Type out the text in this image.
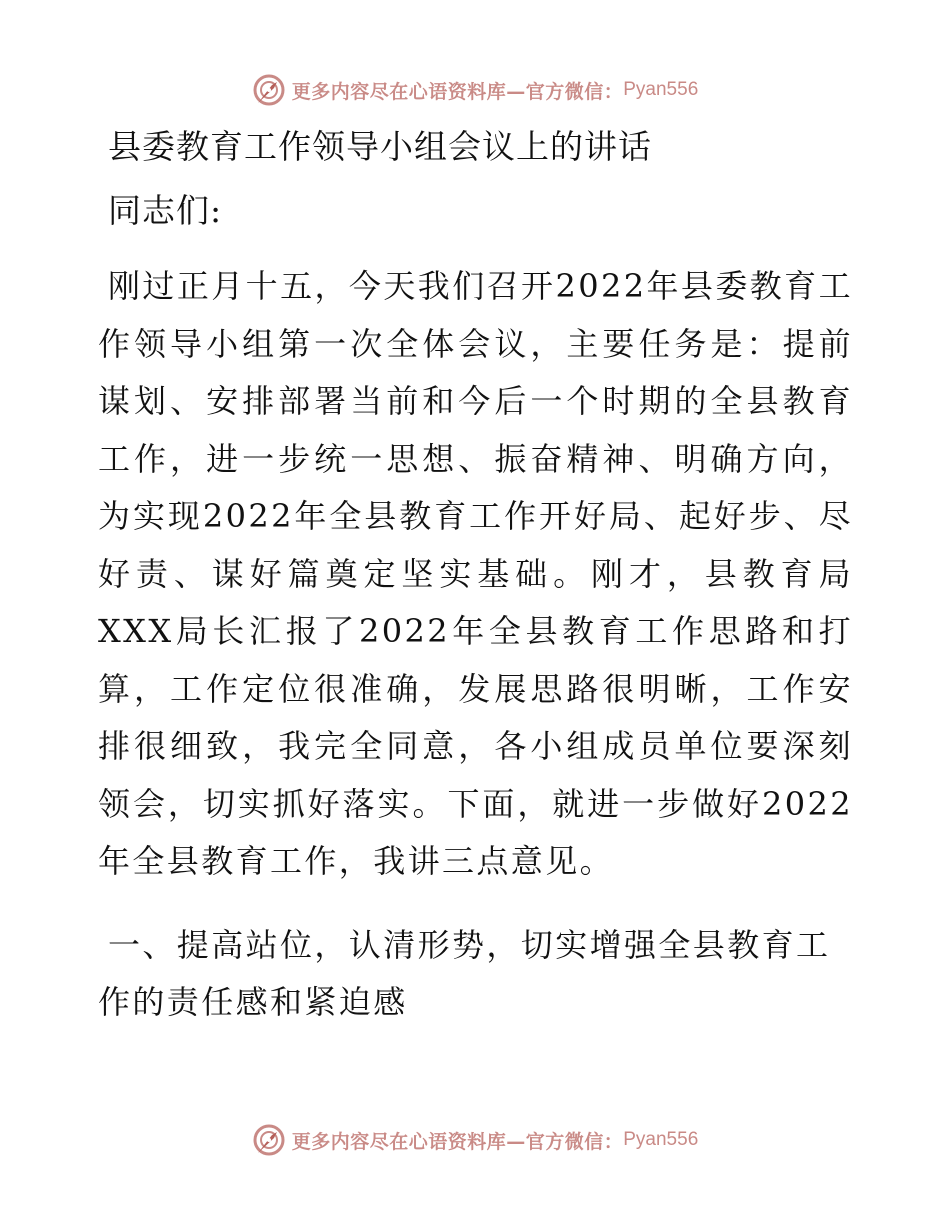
更多内容尽在心语资料库—官方微信： Pyan556
县委教育工作领导小组会议上的讲话
同志们:
刚过正月十五，今天我们召开2022年县委教育工作领导小组第一次全体会议，主要任务是：提前谋划、安排部署当前和今后一个时期的全县教育工作，进一步统一思想、振奋精神、明确方向，为实现2022年全县教育工作开好局、起好步、尽好责、谋好篇奠定坚实基础。刚才，县教育局XXX局长汇报了2022年全县教育工作思路和打算，工作定位很准确，发展思路很明晰，工作安排很细致，我完全同意，各小组成员单位要深刻领会，切实抓好落实。下面，就进一步做好2022年全县教育工作，我讲三点意见。
一、提高站位，认清形势，切实增强全县教育工作的责任感和紧迫感
更多内容尽在心语资料库—官方微信： Pyan556
